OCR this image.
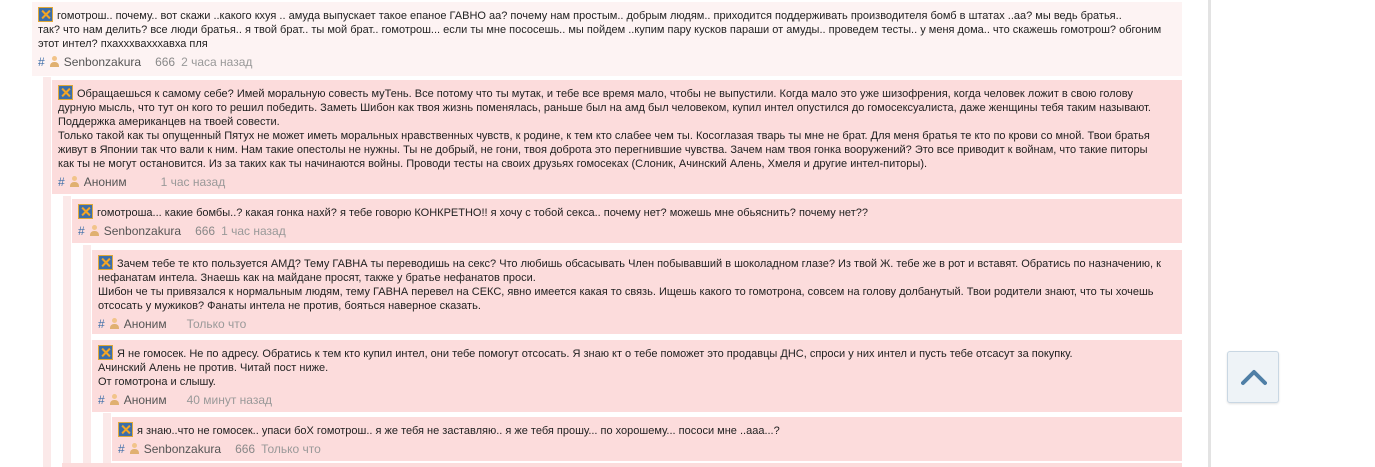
гомотрош.. почему.. вот скажи ..какого кхуя .. амуда выпускает такое епаное ГАВНО аа? почему нам простым.. добрым людям.. приходится поддерживать производителя бомб в штатах ..аа? мы ведь братья..
так? что нам делить? все люди братья.. я твой брат.. ты мой брат.. гомотрош... если ты мне пососешь.. мы пойдем ..купим пару кусков параши от амуды.. проведем тесты.. у меня дома.. что скажешь гомотрош? обгоним
этот интел? пхахххвахххавха пля
# Senbonzakura 666 2 часа назад
Обращаешься к самому себе? Имей моральную совесть муТень. Все потому что ты мутак, и тебе все время мало, чтобы не выпустили. Когда мало это уже шизофрения, когда человек ложит в свою голову
дурную мысль, что тут он кого то решил победить. Заметь Шибон как твоя жизнь поменялась, раньше был на амд был человеком, купил интел опустился до гомосексуалиста, даже женщины тебя таким называют.
Поддержка американцев на твоей совести.
Только такой как ты опущенный Пятух не может иметь моральных нравственных чувств, к родине, к тем кто слабее чем ты. Косоглазая тварь ты мне не брат. Для меня братья те кто по крови со мной. Твои братья
живут в Японии так что вали к ним. Нам такие опестолы не нужны. Ты не добрый, не гони, твоя доброта это перегнившие чувства. Зачем нам твоя гонка вооружений? Это все приводит к войнам, что такие питоры
как ты не могут остановится. Из за таких как ты начинаются войны. Проводи тесты на своих друзьях гомосеках (Слоник, Ачинский Алень, Хмеля и другие интел-питоры).
# Аноним	1 час назад
гомотроша... какие бомбы..? какая гонка нахй? я тебе говорю КОНКРЕТНО!! я хочу с тобой секса.. почему нет? можешь мне обьяснить? почему нет??
# Senbonzakura 666 1 час назад
Зачем тебе те кто пользуется АМД? Тему ГАВНА ты переводишь на секс? Что любишь обсасывать Член побывавший в шоколадном глазе? Из твой Ж. тебе же в рот и вставят. Обратись по назначению, к
нефанатам интела. Знаешь как на майдане просят, также у братье нефанатов проси.
Шибон че ты привязался к нормальным людям, тему ГАВНА перевел на СЕКС, явно имеется какая то связь. Ищешь какого то гомотрона, совсем на голову долбанутый. Твои родители знают, что ты хочешь
отсосать у мужиков? Фанаты интела не против, бояться наверное сказать.
# Аноним Только что
Я не гомосек. Не по адресу. Обратись к тем кто купил интел, они тебе помогут отсосать. Я знаю кт о тебе поможет это продавцы ДНС, спроси у них интел и пусть тебе отсасут за покупку.
Ачинский Алень не против. Читай пост ниже.
От гомотрона и слышу.
# Аноним 40 минут назад
я знаю..что не гомосек.. упаси боХ гомотрош.. я же тебя не заставляю.. я же тебя прошу... по хорошему... пососи мне ..ааа...?
# Senbonzakura 666 Только что
